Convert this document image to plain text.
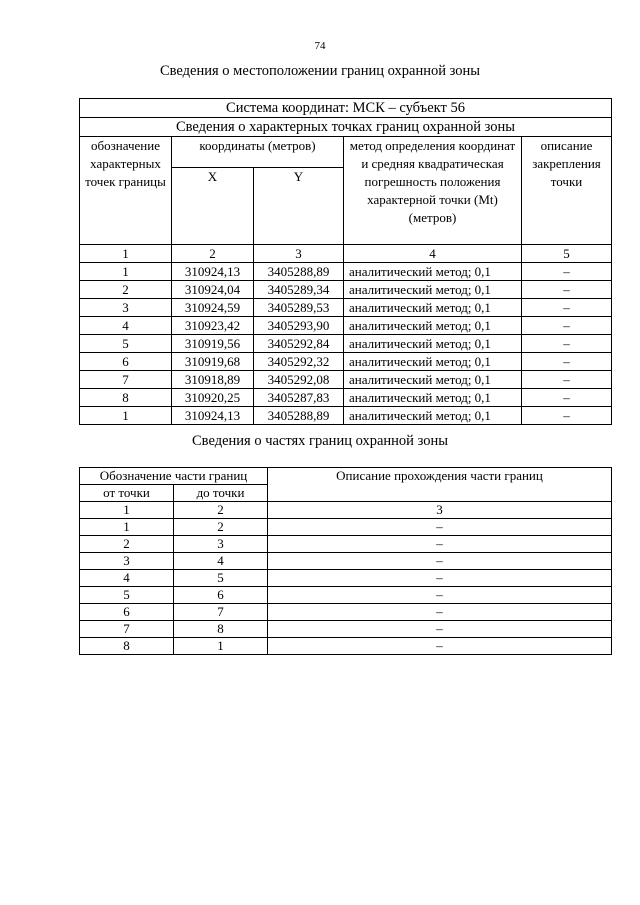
74
Сведения о местоположении границ охранной зоны
Система координат: МСК – субъект 56				
Сведения о характерных точках границ охранной зоны				
обозначение характерных точек границы	координаты (метров)		метод определения координат и средняя квадратическая погрешность положения характерной точки (Mt) (метров)	описание закрепления точки
	X	Y		
1	2	3	4	5
1	310924,13	3405288,89	аналитический метод; 0,1	–
2	310924,04	3405289,34	аналитический метод; 0,1	–
3	310924,59	3405289,53	аналитический метод; 0,1	–
4	310923,42	3405293,90	аналитический метод; 0,1	–
5	310919,56	3405292,84	аналитический метод; 0,1	–
6	310919,68	3405292,32	аналитический метод; 0,1	–
7	310918,89	3405292,08	аналитический метод; 0,1	–
8	310920,25	3405287,83	аналитический метод; 0,1	–
1	310924,13	3405288,89	аналитический метод; 0,1	–
Сведения о частях границ охранной зоны
Обозначение части границ		Описание прохождения части границ
от точки	до точки	
1	2	3
1	2	–
2	3	–
3	4	–
4	5	–
5	6	–
6	7	–
7	8	–
8	1	–
